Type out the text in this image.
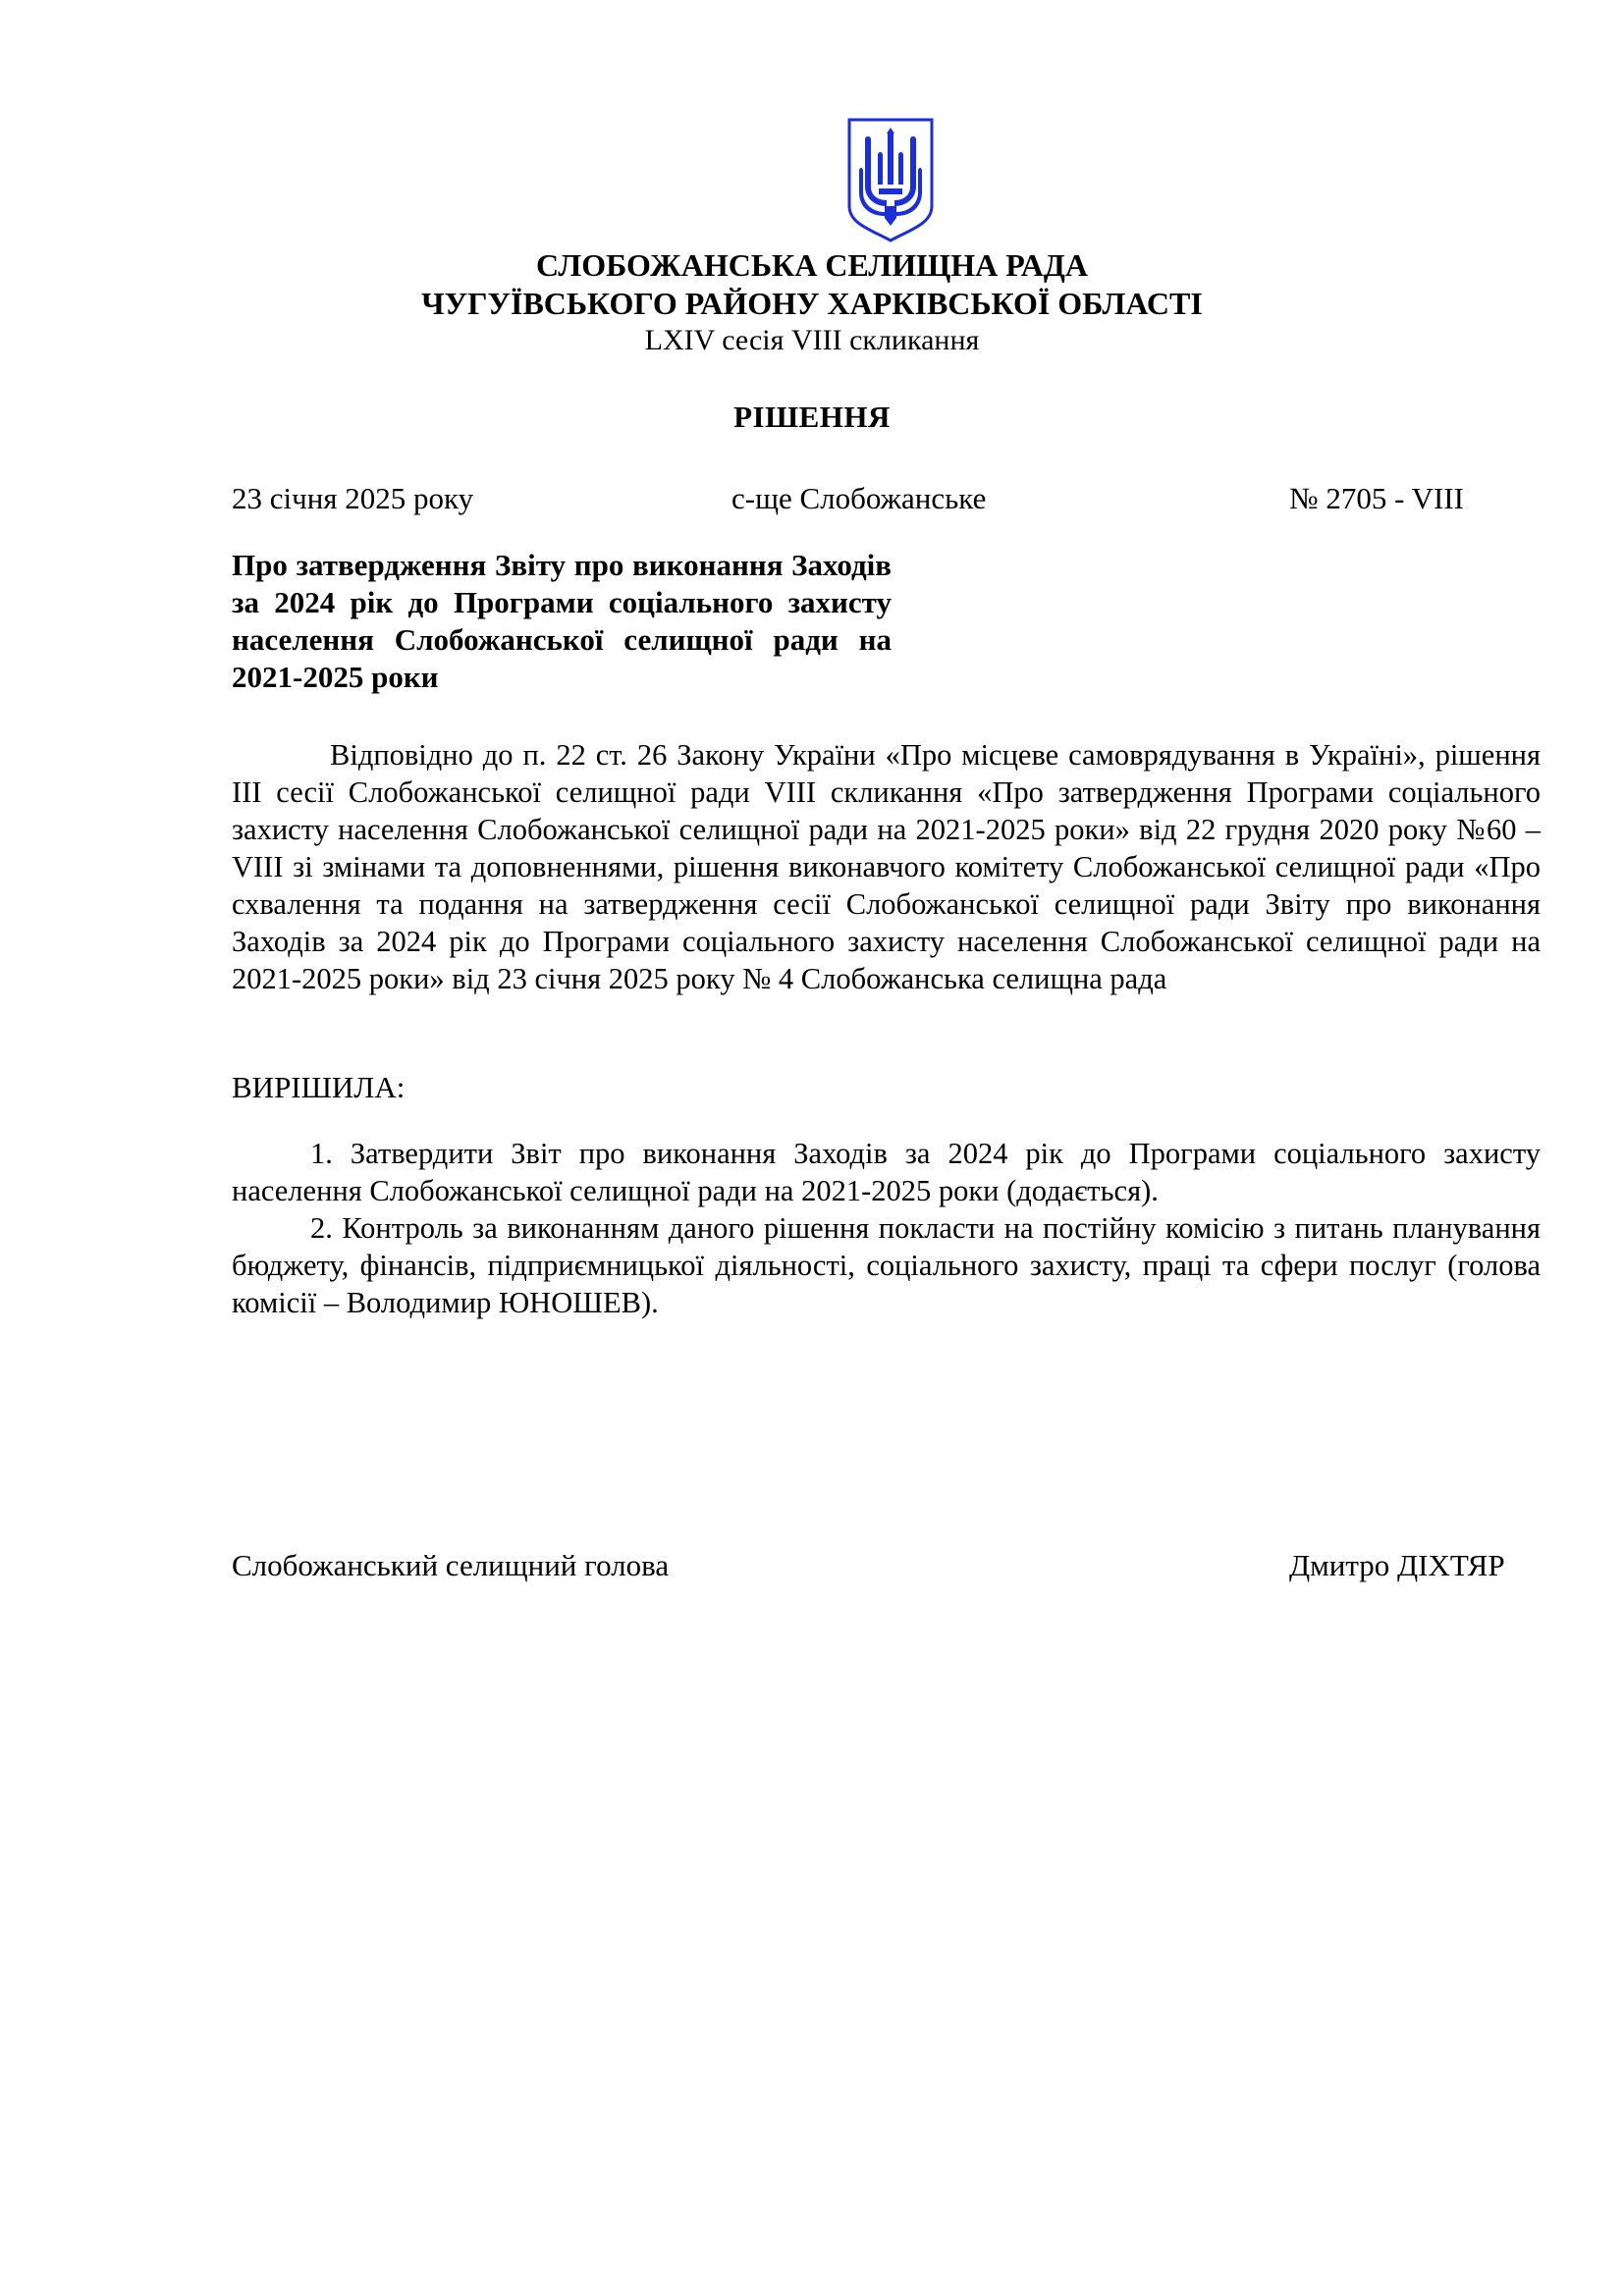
СЛОБОЖАНСЬКА СЕЛИЩНА РАДА
ЧУГУЇВСЬКОГО РАЙОНУ ХАРКІВСЬКОЇ ОБЛАСТІ
LXIV сесія VIII скликання
РІШЕННЯ
23 січня 2025 року	с-ще Слобожанське	№ 2705 - VIII
Про затвердження Звіту про виконання Заходів за 2024 рік до Програми соціального захисту населення Слобожанської селищної ради на 2021-2025 роки
Відповідно до п. 22 ст. 26 Закону України «Про місцеве самоврядування в Україні», рішення ІІІ сесії Слобожанської селищної ради VIII скликання «Про затвердження Програми соціального захисту населення Слобожанської селищної ради на 2021-2025 роки» від 22 грудня 2020 року №60 – VIII зі змінами та доповненнями, рішення виконавчого комітету Слобожанської селищної ради «Про схвалення та подання на затвердження сесії Слобожанської селищної ради Звіту про виконання Заходів за 2024 рік до Програми соціального захисту населення Слобожанської селищної ради на 2021-2025 роки» від 23 січня 2025 року № 4 Слобожанська селищна рада
ВИРІШИЛА:
1. Затвердити Звіт про виконання Заходів за 2024 рік до Програми соціального захисту населення Слобожанської селищної ради на 2021-2025 роки (додається).
2. Контроль за виконанням даного рішення покласти на постійну комісію з питань планування бюджету, фінансів, підприємницької діяльності, соціального захисту, праці та сфери послуг (голова комісії – Володимир ЮНОШЕВ).
Слобожанський селищний голова	Дмитро ДІХТЯР
